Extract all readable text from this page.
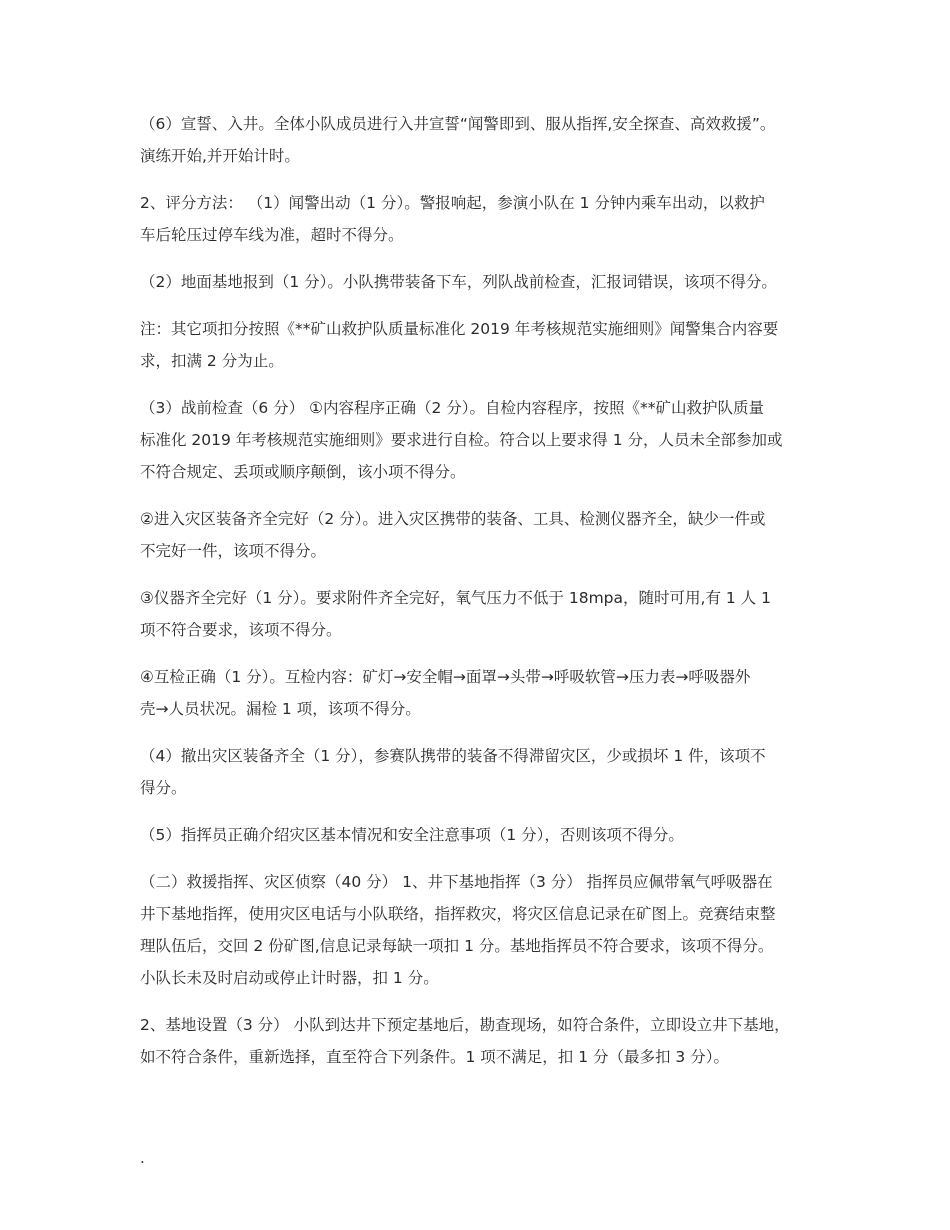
（6）宣誓、入井。全体小队成员进行入井宣誓“闻警即到、服从指挥,安全探查、高效救援”。
演练开始,并开始计时。

2、评分方法： （1）闻警出动（1 分）。警报响起，参演小队在 1 分钟内乘车出动，以救护
车后轮压过停车线为准，超时不得分。

（2）地面基地报到（1 分）。小队携带装备下车，列队战前检查，汇报词错误，该项不得分。

注：其它项扣分按照《**矿山救护队质量标准化 2019 年考核规范实施细则》闻警集合内容要
求，扣满 2 分为止。

（3）战前检查（6 分） ①内容程序正确（2 分）。自检内容程序，按照《**矿山救护队质量
标准化 2019 年考核规范实施细则》要求进行自检。符合以上要求得 1 分，人员未全部参加或
不符合规定、丢项或顺序颠倒，该小项不得分。

②进入灾区装备齐全完好（2 分）。进入灾区携带的装备、工具、检测仪器齐全，缺少一件或
不完好一件，该项不得分。

③仪器齐全完好（1 分）。要求附件齐全完好，氧气压力不低于 18mpa，随时可用,有 1 人 1
项不符合要求，该项不得分。

④互检正确（1 分）。互检内容：矿灯→安全帽→面罩→头带→呼吸软管→压力表→呼吸器外
壳→人员状况。漏检 1 项，该项不得分。

（4）撤出灾区装备齐全（1 分），参赛队携带的装备不得滞留灾区，少或损坏 1 件，该项不
得分。

（5）指挥员正确介绍灾区基本情况和安全注意事项（1 分），否则该项不得分。

（二）救援指挥、灾区侦察（40 分） 1、井下基地指挥（3 分） 指挥员应佩带氧气呼吸器在
井下基地指挥，使用灾区电话与小队联络，指挥救灾，将灾区信息记录在矿图上。竞赛结束整
理队伍后，交回 2 份矿图,信息记录每缺一项扣 1 分。基地指挥员不符合要求，该项不得分。
小队长未及时启动或停止计时器，扣 1 分。

2、基地设置（3 分） 小队到达井下预定基地后，勘查现场，如符合条件，立即设立井下基地，
如不符合条件，重新选择，直至符合下列条件。1 项不满足，扣 1 分（最多扣 3 分）。

.
